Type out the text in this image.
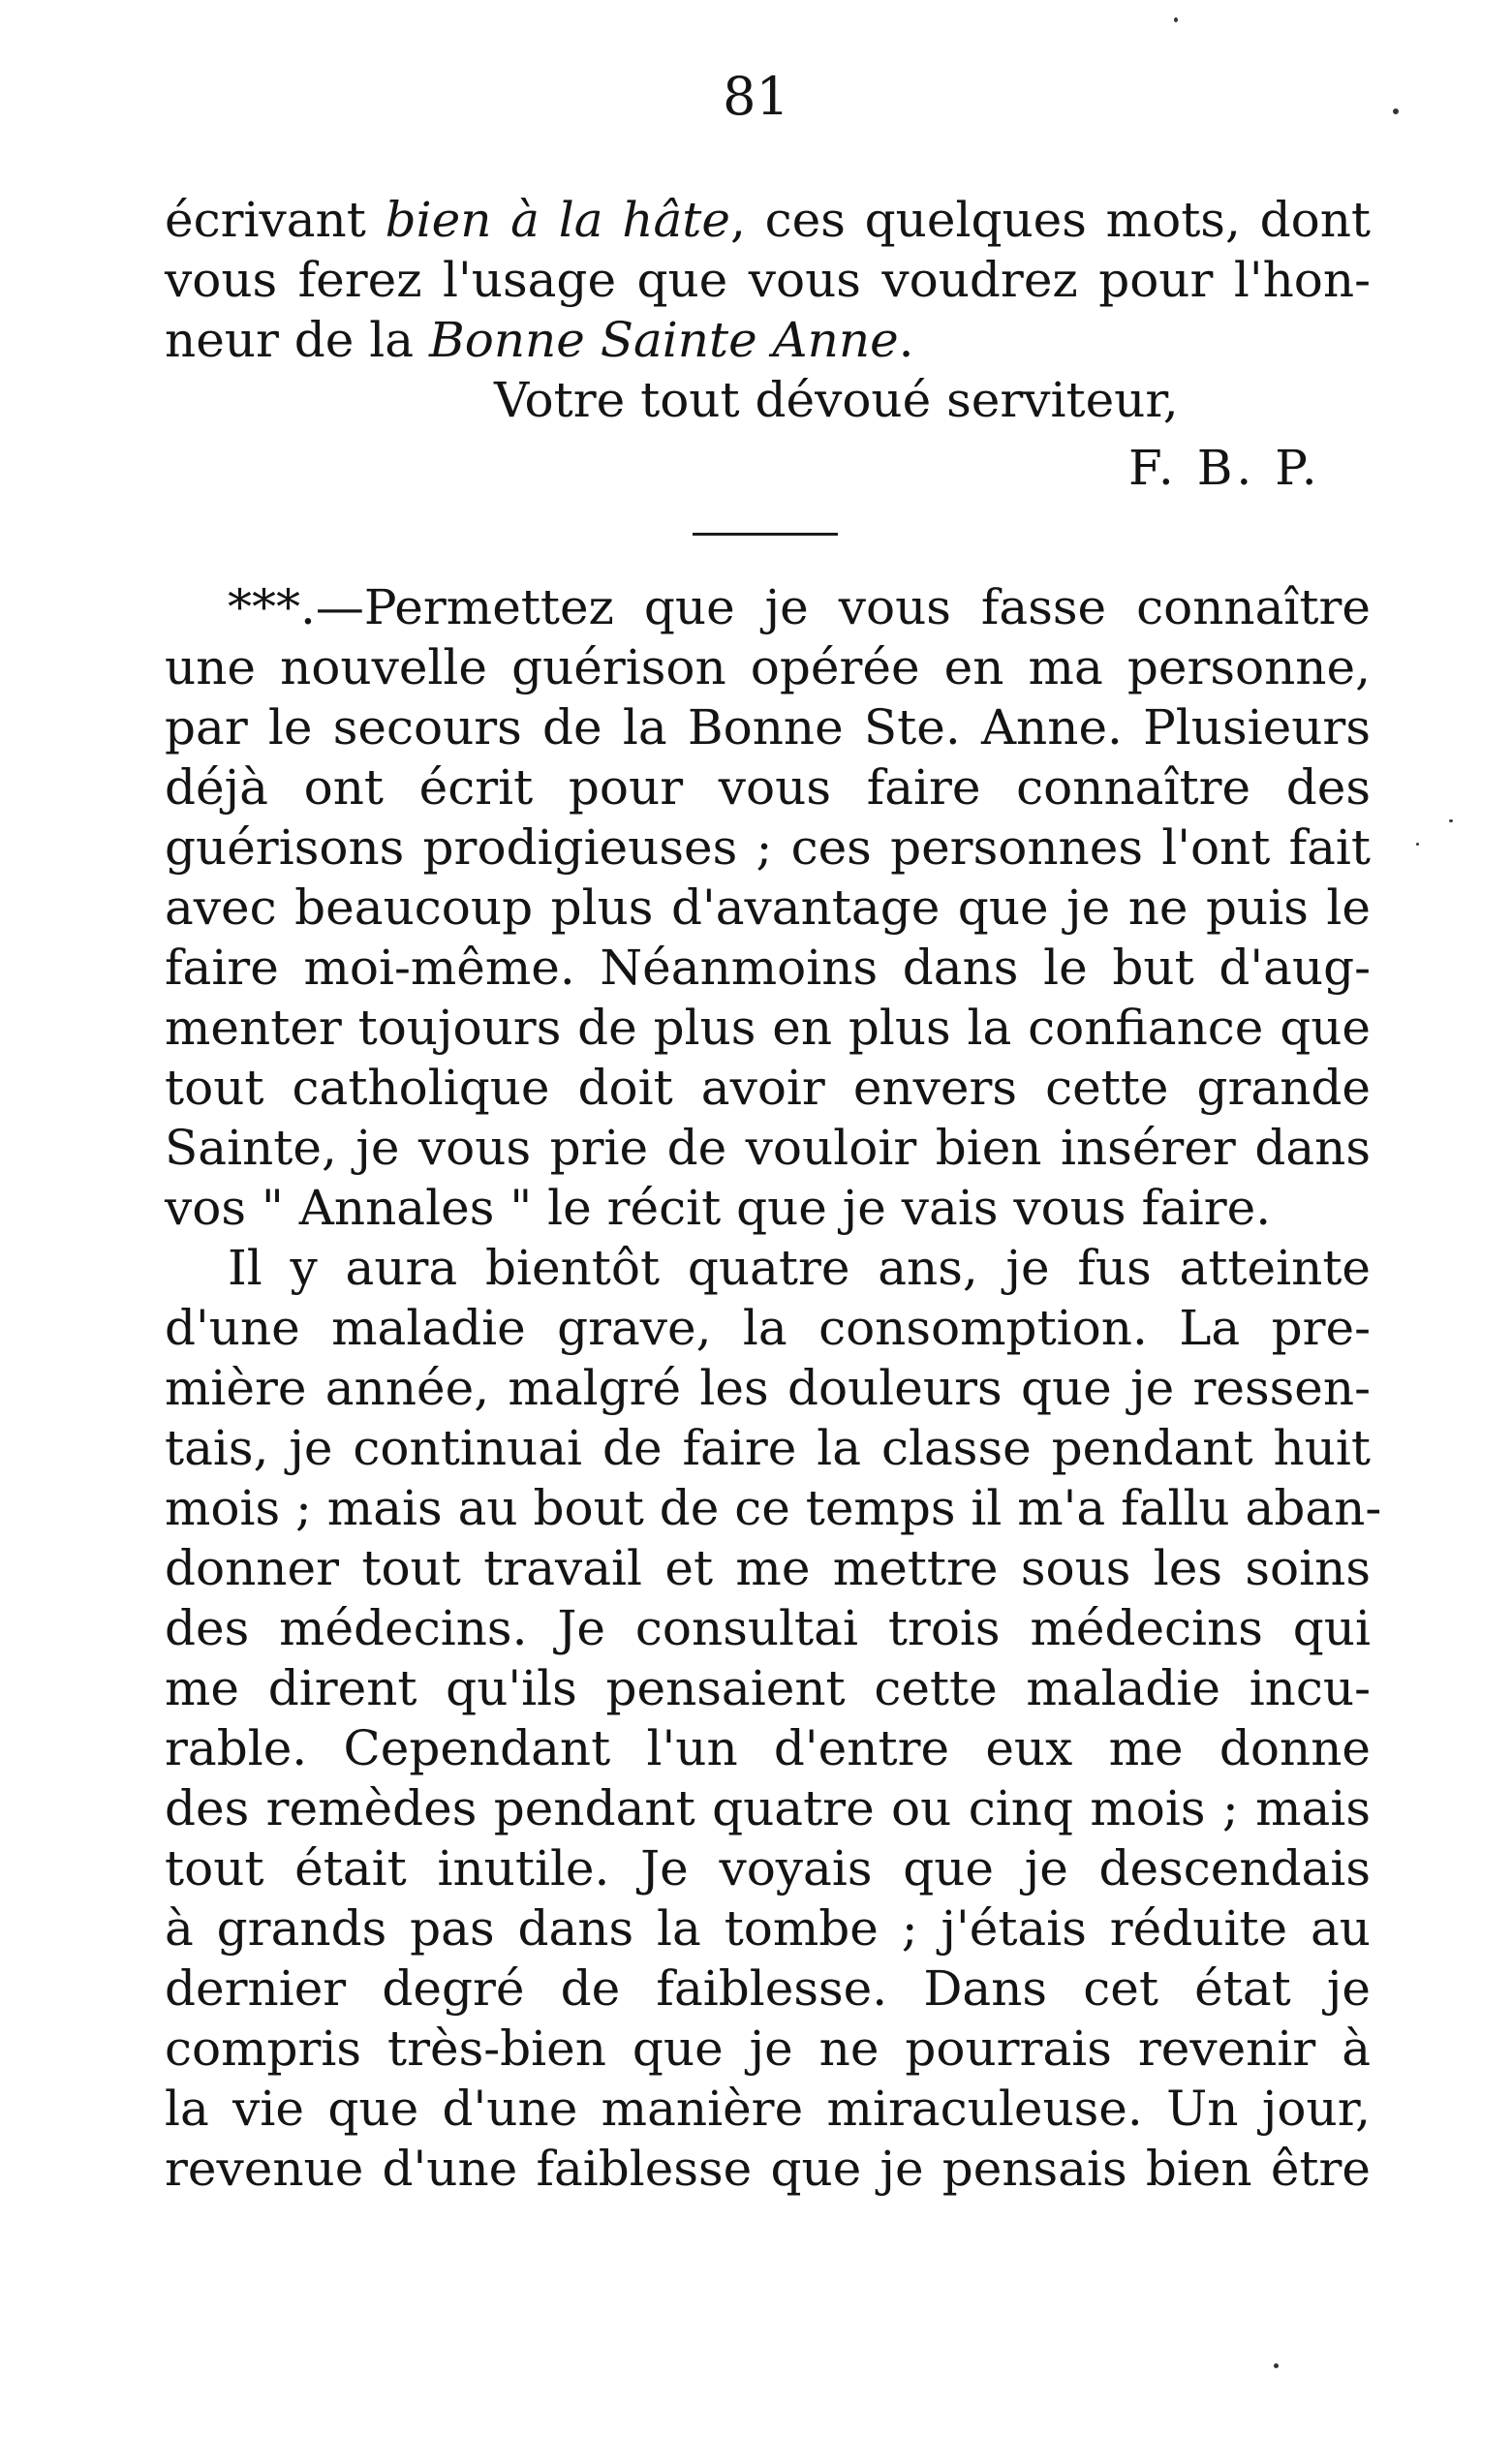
81
écrivant bien à la hâte, ces quelques mots, dont
vous ferez l'usage que vous voudrez pour l'hon-
neur de la Bonne Sainte Anne.
Votre tout dévoué serviteur,
F. B. P.
***.—Permettez que je vous fasse connaître
une nouvelle guérison opérée en ma personne,
par le secours de la Bonne Ste. Anne. Plusieurs
déjà ont écrit pour vous faire connaître des
guérisons prodigieuses ; ces personnes l'ont fait
avec beaucoup plus d'avantage que je ne puis le
faire moi-même. Néanmoins dans le but d'aug-
menter toujours de plus en plus la confiance que
tout catholique doit avoir envers cette grande
Sainte, je vous prie de vouloir bien insérer dans
vos " Annales " le récit que je vais vous faire.
Il y aura bientôt quatre ans, je fus atteinte
d'une maladie grave, la consomption. La pre-
mière année, malgré les douleurs que je ressen-
tais, je continuai de faire la classe pendant huit
mois ; mais au bout de ce temps il m'a fallu aban-
donner tout travail et me mettre sous les soins
des médecins. Je consultai trois médecins qui
me dirent qu'ils pensaient cette maladie incu-
rable. Cependant l'un d'entre eux me donne
des remèdes pendant quatre ou cinq mois ; mais
tout était inutile. Je voyais que je descendais
à grands pas dans la tombe ; j'étais réduite au
dernier degré de faiblesse. Dans cet état je
compris très-bien que je ne pourrais revenir à
la vie que d'une manière miraculeuse. Un jour,
revenue d'une faiblesse que je pensais bien être
